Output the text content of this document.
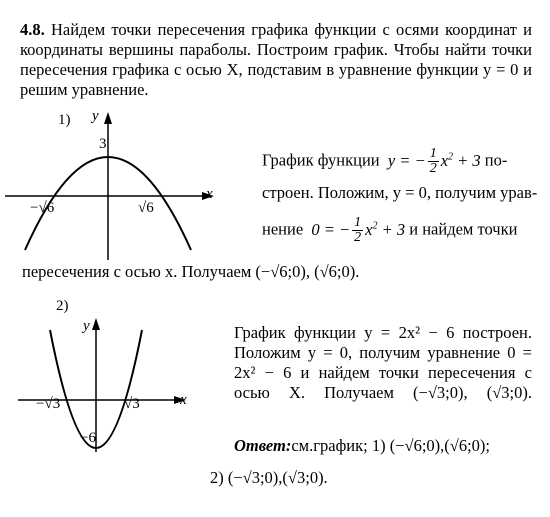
4.8. Найдем точки пересечения графика функции с осями координат и координаты вершины параболы. Построим график. Чтобы найти точки пересечения графика с осью X, подставим в уравнение функции y = 0 и решим уравнение.
1) y
x
3
−√6	√6
График функции y = − $\frac{1}{2} x^2 + 3$ по-
строен. Положим, y = 0, получим урав-
нение 0 = − $\frac{1}{2} x^2 + 3$ и найдем точки
пересечения с осью x. Получаем (−√6;0), (√6;0).
2)
y
x
−6
−√3	√3
График функции y = 2x² − 6 построен. Положим y = 0, получим уравнение 0 = 2x² − 6 и найдем точки пересечения с осью X. Получаем (−√3;0), (√3;0).
Ответ:см.график; 1) (−√6;0),(√6;0);
2) (−√3;0),(√3;0).
